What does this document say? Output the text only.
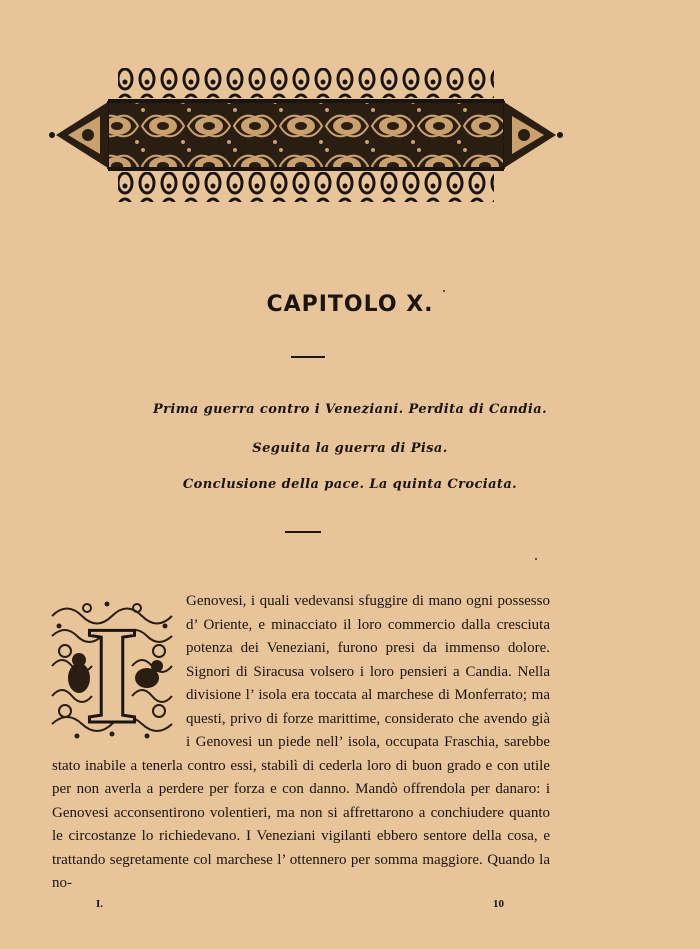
CAPITOLO X.
Prima guerra contro i Veneziani. Perdita di Candia.
Seguita la guerra di Pisa.
Conclusione della pace. La quinta Crociata.
I	Genovesi, i quali vedevansi sfuggire di mano ogni possesso d’ Oriente, e minacciato il loro commercio dalla cresciuta potenza dei Veneziani, furono presi da immenso dolore. Signori di Siracusa volsero i loro pensieri a Candia. Nella divisione l’ isola era toccata al marchese di Monferrato; ma questi, privo di forze marittime, considerato che avendo già i Genovesi un piede nell’ isola, occupata Fraschia, sarebbe stato inabile a tenerla contro essi, stabilì di cederla loro di buon grado e con utile per non averla a perdere per forza e con danno. Mandò offrendola per danaro: i Genovesi acconsentirono volentieri, ma non si affrettarono a conchiudere quanto le circostanze lo richiedevano. I Veneziani vigilanti ebbero sentore della cosa, e trattando segretamente col marchese l’ ottennero per somma maggiore. Quando la no-
I.	10
